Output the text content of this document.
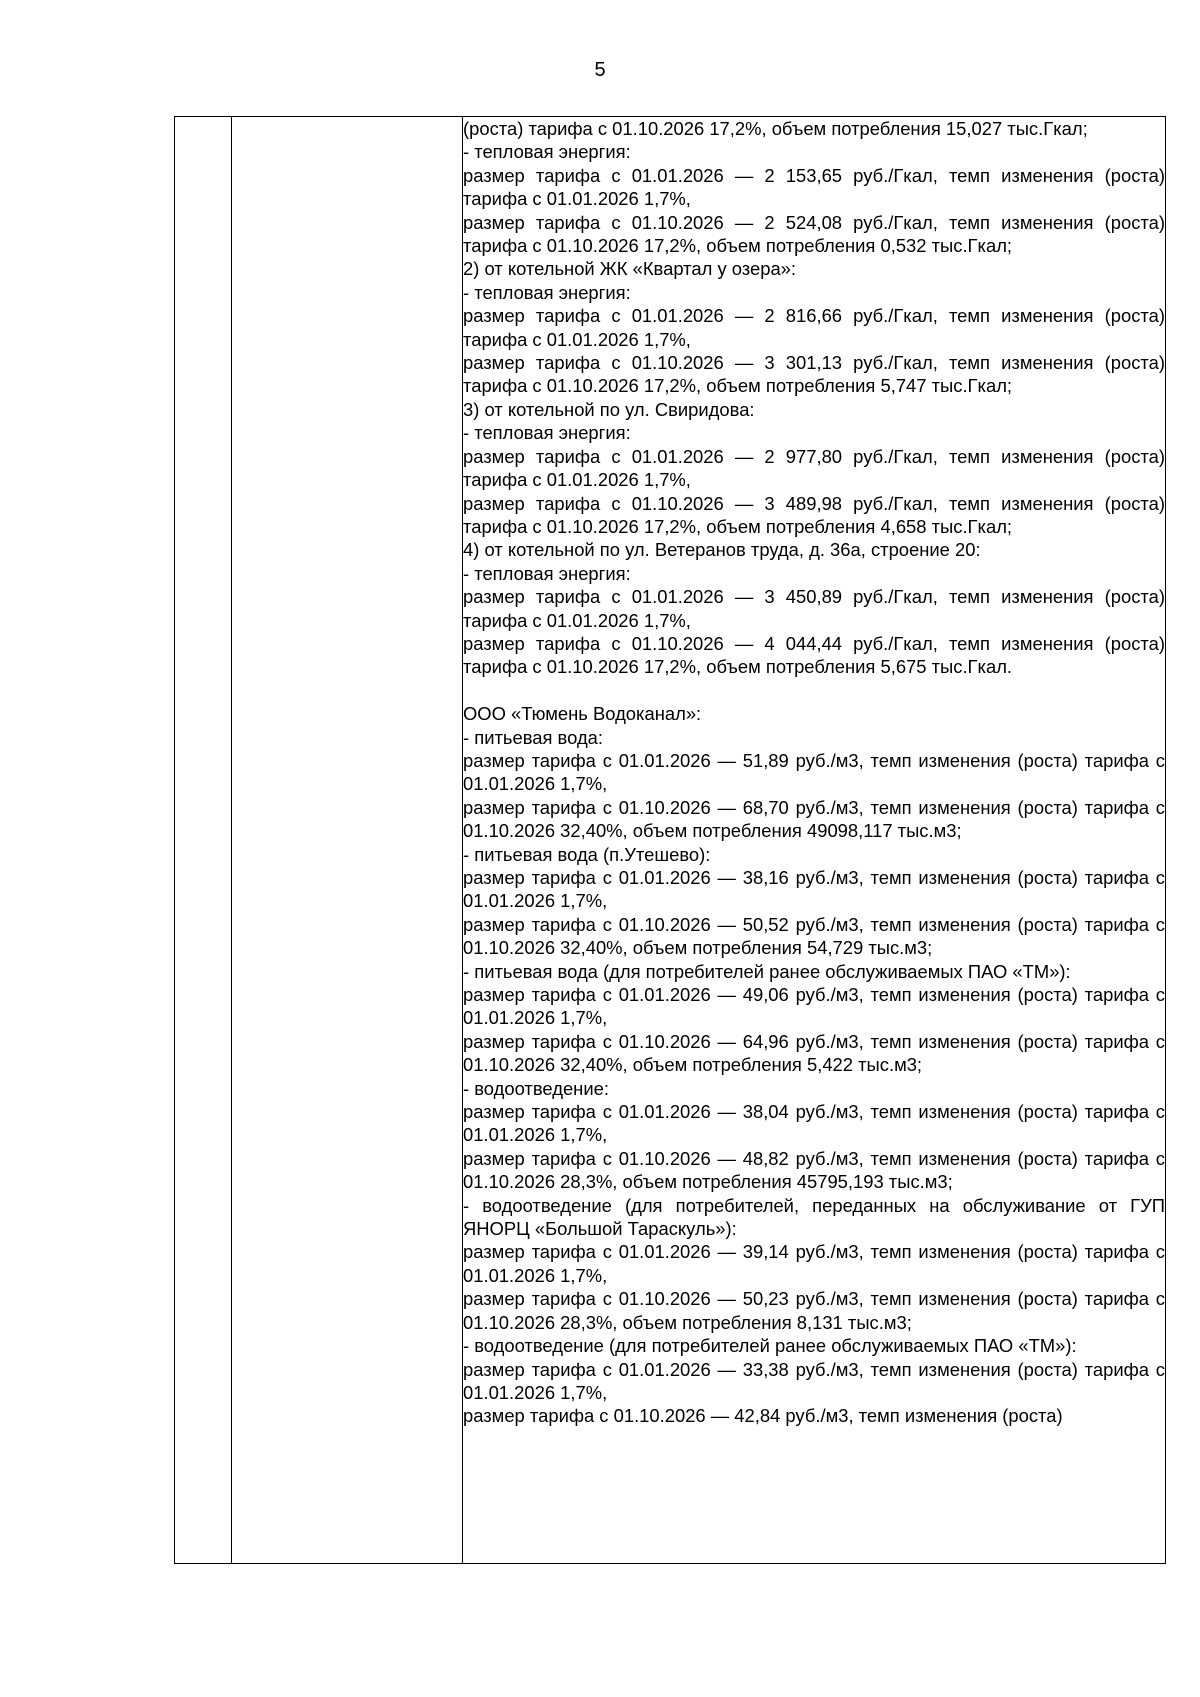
5

(роста) тарифа с 01.10.2026 17,2%, объем потребления 15,027 тыс.Гкал;
- тепловая энергия:
размер тарифа с 01.01.2026 — 2 153,65 руб./Гкал, темп изменения (роста) тарифа с 01.01.2026 1,7%,
размер тарифа с 01.10.2026 — 2 524,08 руб./Гкал, темп изменения (роста) тарифа с 01.10.2026 17,2%, объем потребления 0,532 тыс.Гкал;
2) от котельной ЖК «Квартал у озера»:
- тепловая энергия:
размер тарифа с 01.01.2026 — 2 816,66 руб./Гкал, темп изменения (роста) тарифа с 01.01.2026 1,7%,
размер тарифа с 01.10.2026 — 3 301,13 руб./Гкал, темп изменения (роста) тарифа с 01.10.2026 17,2%, объем потребления 5,747 тыс.Гкал;
3) от котельной по ул. Свиридова:
- тепловая энергия:
размер тарифа с 01.01.2026 — 2 977,80 руб./Гкал, темп изменения (роста) тарифа с 01.01.2026 1,7%,
размер тарифа с 01.10.2026 — 3 489,98 руб./Гкал, темп изменения (роста) тарифа с 01.10.2026 17,2%, объем потребления 4,658 тыс.Гкал;
4) от котельной по ул. Ветеранов труда, д. 36а, строение 20:
- тепловая энергия:
размер тарифа с 01.01.2026 — 3 450,89 руб./Гкал, темп изменения (роста) тарифа с 01.01.2026 1,7%,
размер тарифа с 01.10.2026 — 4 044,44 руб./Гкал, темп изменения (роста) тарифа с 01.10.2026 17,2%, объем потребления 5,675 тыс.Гкал.
ООО «Тюмень Водоканал»:
- питьевая вода:
размер тарифа с 01.01.2026 — 51,89 руб./м3, темп изменения (роста) тарифа с 01.01.2026 1,7%,
размер тарифа с 01.10.2026 — 68,70 руб./м3, темп изменения (роста) тарифа с 01.10.2026 32,40%, объем потребления 49098,117 тыс.м3;
- питьевая вода (п.Утешево):
размер тарифа с 01.01.2026 — 38,16 руб./м3, темп изменения (роста) тарифа с 01.01.2026 1,7%,
размер тарифа с 01.10.2026 — 50,52 руб./м3, темп изменения (роста) тарифа с 01.10.2026 32,40%, объем потребления 54,729 тыс.м3;
- питьевая вода (для потребителей ранее обслуживаемых ПАО «ТМ»):
размер тарифа с 01.01.2026 — 49,06 руб./м3, темп изменения (роста) тарифа с 01.01.2026 1,7%,
размер тарифа с 01.10.2026 — 64,96 руб./м3, темп изменения (роста) тарифа с 01.10.2026 32,40%, объем потребления 5,422 тыс.м3;
- водоотведение:
размер тарифа с 01.01.2026 — 38,04 руб./м3, темп изменения (роста) тарифа с 01.01.2026 1,7%,
размер тарифа с 01.10.2026 — 48,82 руб./м3, темп изменения (роста) тарифа с 01.10.2026 28,3%, объем потребления 45795,193 тыс.м3;
- водоотведение (для потребителей, переданных на обслуживание от ГУП ЯНОРЦ «Большой Тараскуль»):
размер тарифа с 01.01.2026 — 39,14 руб./м3, темп изменения (роста) тарифа с 01.01.2026 1,7%,
размер тарифа с 01.10.2026 — 50,23 руб./м3, темп изменения (роста) тарифа с 01.10.2026 28,3%, объем потребления 8,131 тыс.м3;
- водоотведение (для потребителей ранее обслуживаемых ПАО «ТМ»):
размер тарифа с 01.01.2026 — 33,38 руб./м3, темп изменения (роста) тарифа с 01.01.2026 1,7%,
размер тарифа с 01.10.2026 — 42,84 руб./м3, темп изменения (роста)
